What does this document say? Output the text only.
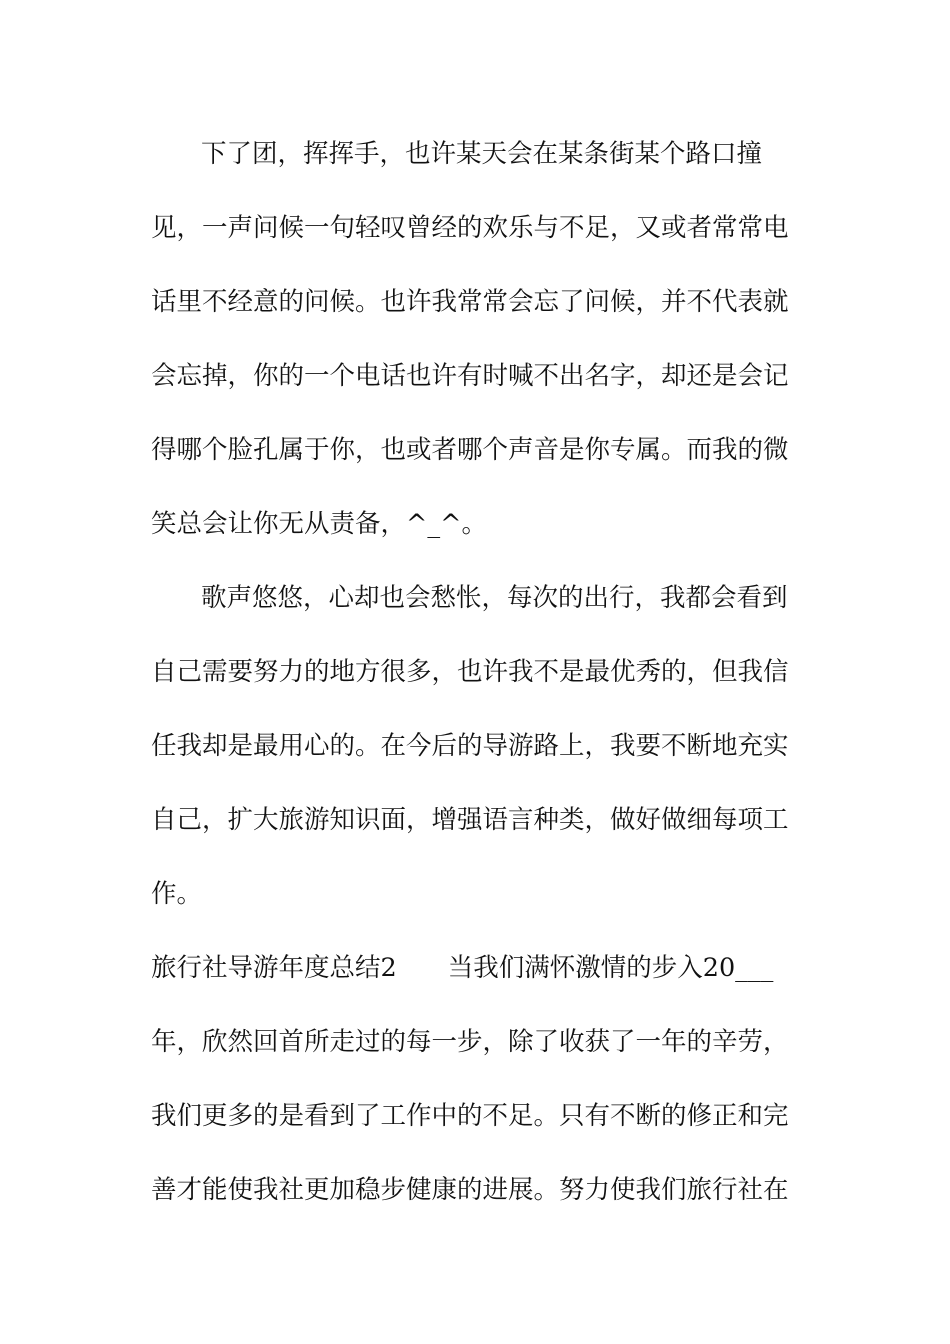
下了团，挥挥手，也许某天会在某条街某个路口撞
见，一声问候一句轻叹曾经的欢乐与不足，又或者常常电
话里不经意的问候。也许我常常会忘了问候，并不代表就
会忘掉，你的一个电话也许有时喊不出名字，却还是会记
得哪个脸孔属于你，也或者哪个声音是你专属。而我的微
笑总会让你无从责备，^_^。
歌声悠悠，心却也会愁怅，每次的出行，我都会看到
自己需要努力的地方很多，也许我不是最优秀的，但我信
任我却是最用心的。在今后的导游路上，我要不断地充实
自己，扩大旅游知识面，增强语言种类，做好做细每项工
作。
旅行社导游年度总结2　　当我们满怀激情的步入20___
年，欣然回首所走过的每一步，除了收获了一年的辛劳，
我们更多的是看到了工作中的不足。只有不断的修正和完
善才能使我社更加稳步健康的进展。努力使我们旅行社在
